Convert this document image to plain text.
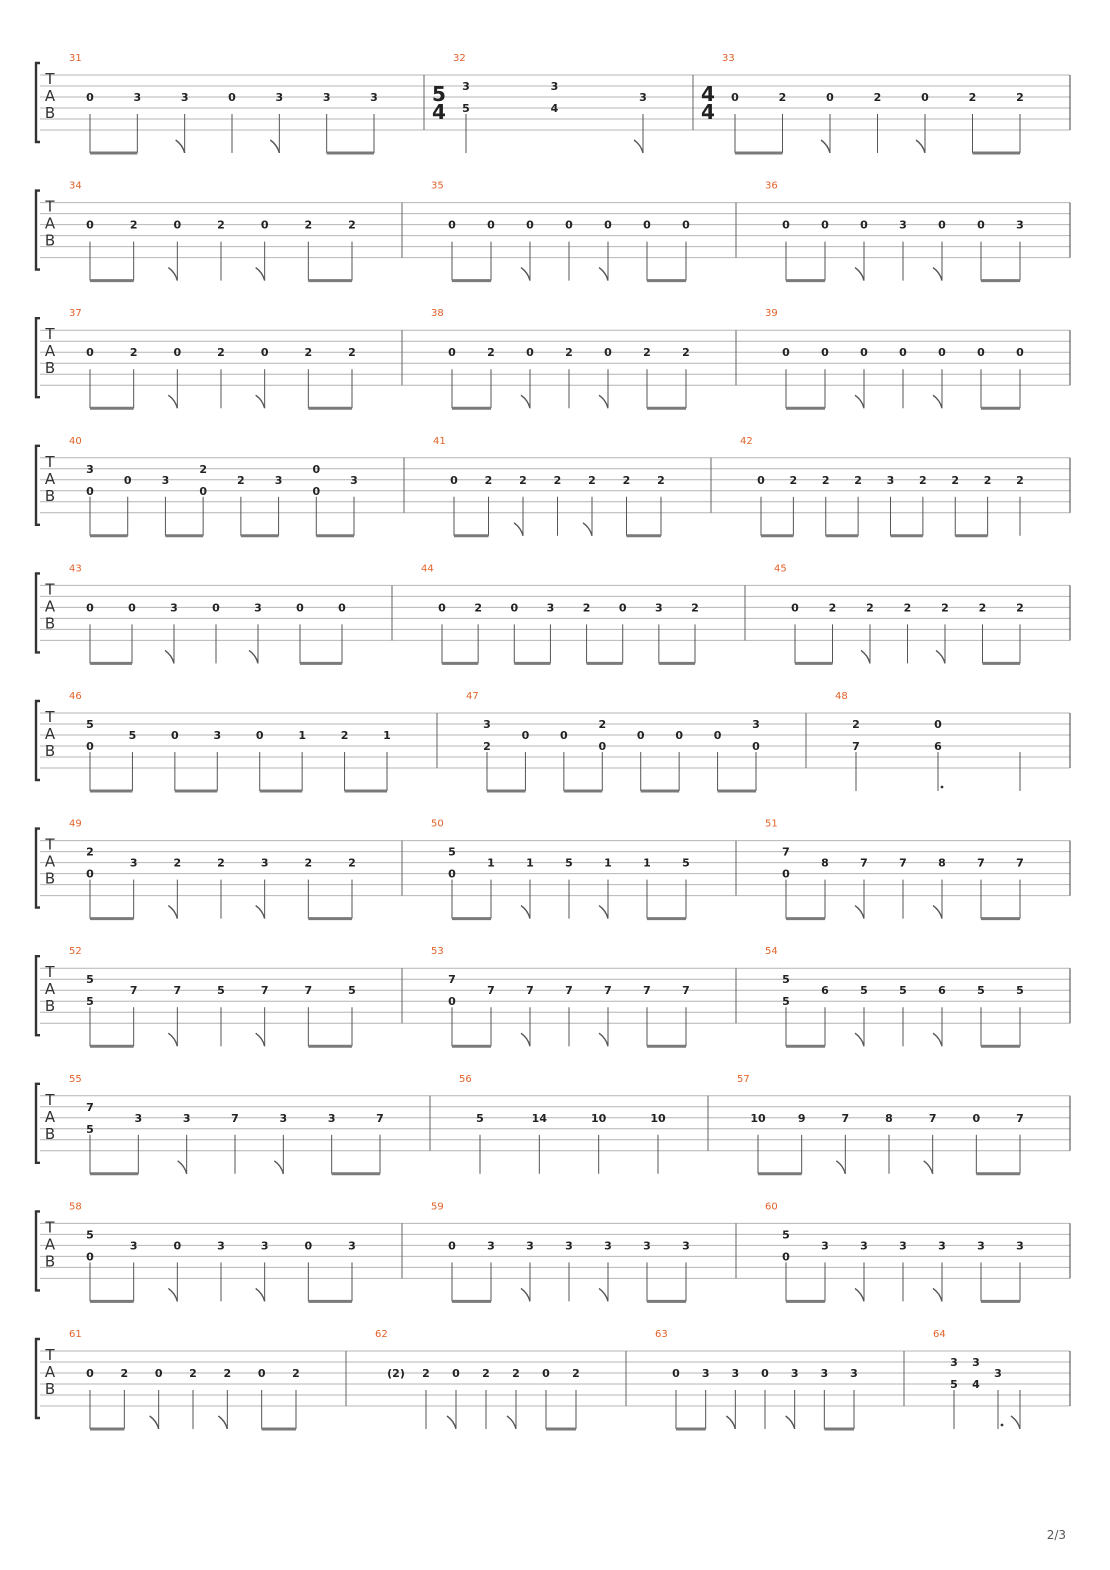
T
A
B
31
0	3	3	0	3	3	3
32
5
4
3
5
3
4
3
33
4
4
0	2	0	2	0	2	2
T
A
B
34
0	2	0	2	0	2	2
35
0	0	0	0	0	0	0
36
0	0	0	3	0	0	3
T
A
B
37
0	2	0	2	0	2	2
38
0	2	0	2	0	2	2
39
0	0	0	0	0	0	0
T
A
B
40
3
0
0	3
2
0
2	3
0
0
3
41
0 2 2 2 2 2 2
42
0 2 2 2 3 2 2 2 2
T
A
B
43
0	0	3	0	3	0	0
44
0	2	0	3	2	0	3	2
45
0	2	2	2	2	2	2
T
A
B
46
5
0
5	0	3	0	1	2	1
47
3
2
0	0
2
0
0	0	0
3
0
48
2
7
0
6
T
A
B
49
2
0
3	2	2	3	2	2
50
5
0
1	1	5	1	1	5
51
7
0
8	7	7	8	7	7
T
A
B
52
5
5
7	7	5	7	7	5
53
7
0
7	7	7	7	7	7
54
5
5
6	5	5	6	5	5
T
A
B
55
7
5
3	3	7	3	3	7
56
5	14	10	10
57
10	9	7	8	7	0	7
T
A
B
58
5
0
3	0	3	3	0	3
59
0	3	3	3	3	3	3
60
5
0
3	3	3	3	3	3
T
A
B
61
0 2 0 2 2 0 2
62
(2) 2 0 2 2 0 2
63
0 3 3 0 3 3 3
64
3
5
3
4
3
2/3
